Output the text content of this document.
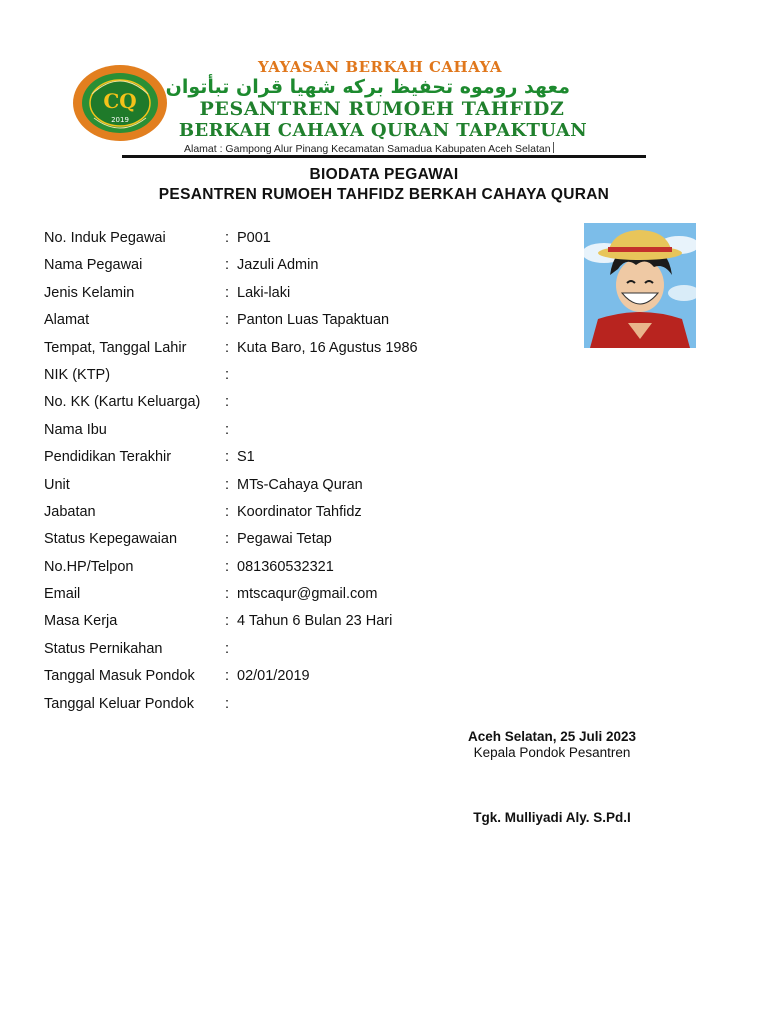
CQ
2019
YAYASAN BERKAH CAHAYA
معهد روموه تحفيظ بركه شهيا قران تبأتوان
PESANTREN RUMOEH TAHFIDZ
BERKAH CAHAYA QURAN TAPAKTUAN
Alamat : Gampong Alur Pinang Kecamatan Samadua Kabupaten Aceh Selatan
BIODATA PEGAWAI
PESANTREN RUMOEH TAHFIDZ BERKAH CAHAYA QURAN
No. Induk Pegawai	: P001
Nama Pegawai	: Jazuli Admin
Jenis Kelamin	: Laki-laki
Alamat	: Panton Luas Tapaktuan
Tempat, Tanggal Lahir	: Kuta Baro, 16 Agustus 1986
NIK (KTP)	:
No. KK (Kartu Keluarga) :
Nama Ibu	:
Pendidikan Terakhir	: S1
Unit	: MTs-Cahaya Quran
Jabatan	: Koordinator Tahfidz
Status Kepegawaian	: Pegawai Tetap
No.HP/Telpon	: 081360532321
Email	: mtscaqur@gmail.com
Masa Kerja	: 4 Tahun 6 Bulan 23 Hari
Status Pernikahan	:
Tanggal Masuk Pondok : 02/01/2019
Tanggal Keluar Pondok :
Aceh Selatan, 25 Juli 2023
Kepala Pondok Pesantren
Tgk. Mulliyadi Aly. S.Pd.I
